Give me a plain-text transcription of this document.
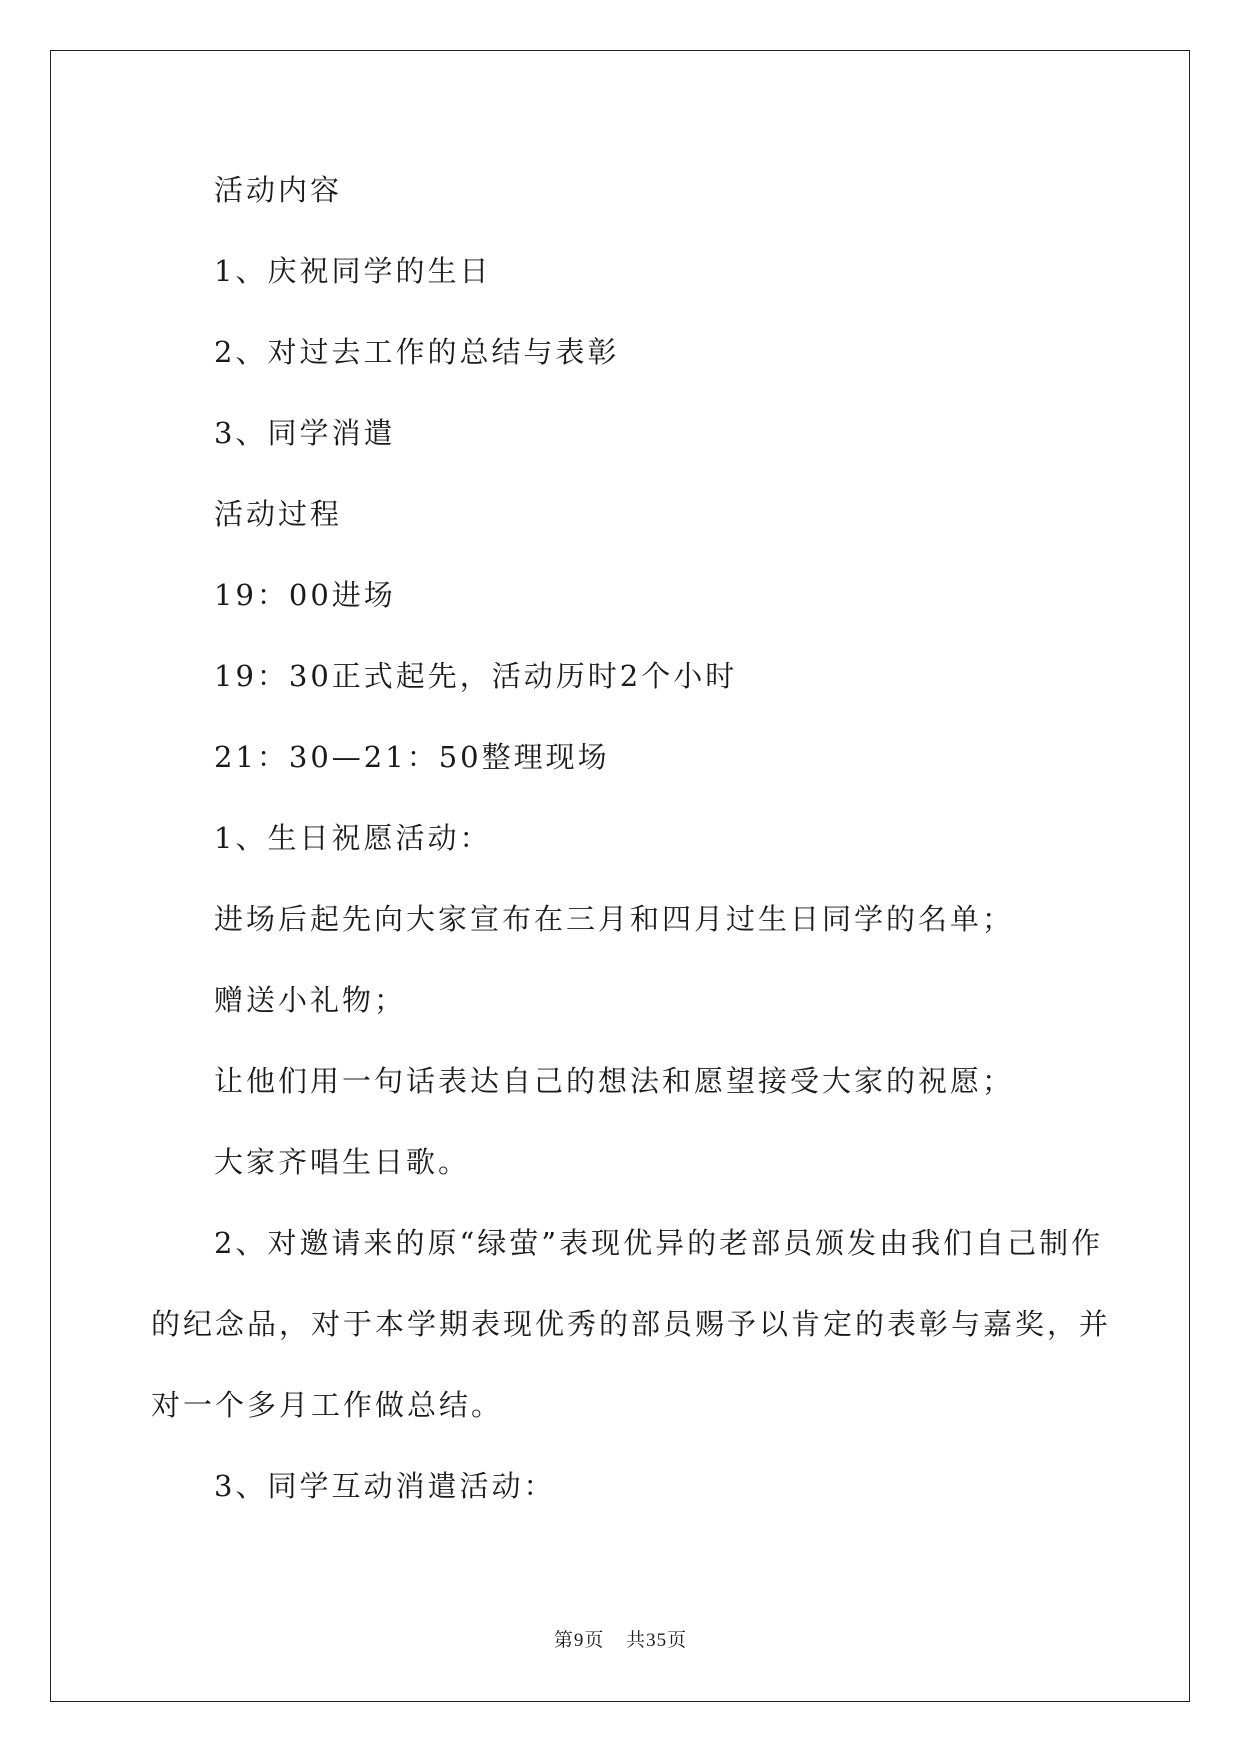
活动内容
1、庆祝同学的生日
2、对过去工作的总结与表彰
3、同学消遣
活动过程
19：00进场
19：30正式起先，活动历时2个小时
21：30—21：50整理现场
1、生日祝愿活动：
进场后起先向大家宣布在三月和四月过生日同学的名单；
赠送小礼物；
让他们用一句话表达自己的想法和愿望接受大家的祝愿；
大家齐唱生日歌。
2、对邀请来的原“绿萤”表现优异的老部员颁发由我们自己制作
的纪念品，对于本学期表现优秀的部员赐予以肯定的表彰与嘉奖，并
对一个多月工作做总结。
3、同学互动消遣活动：
第9页 共35页
